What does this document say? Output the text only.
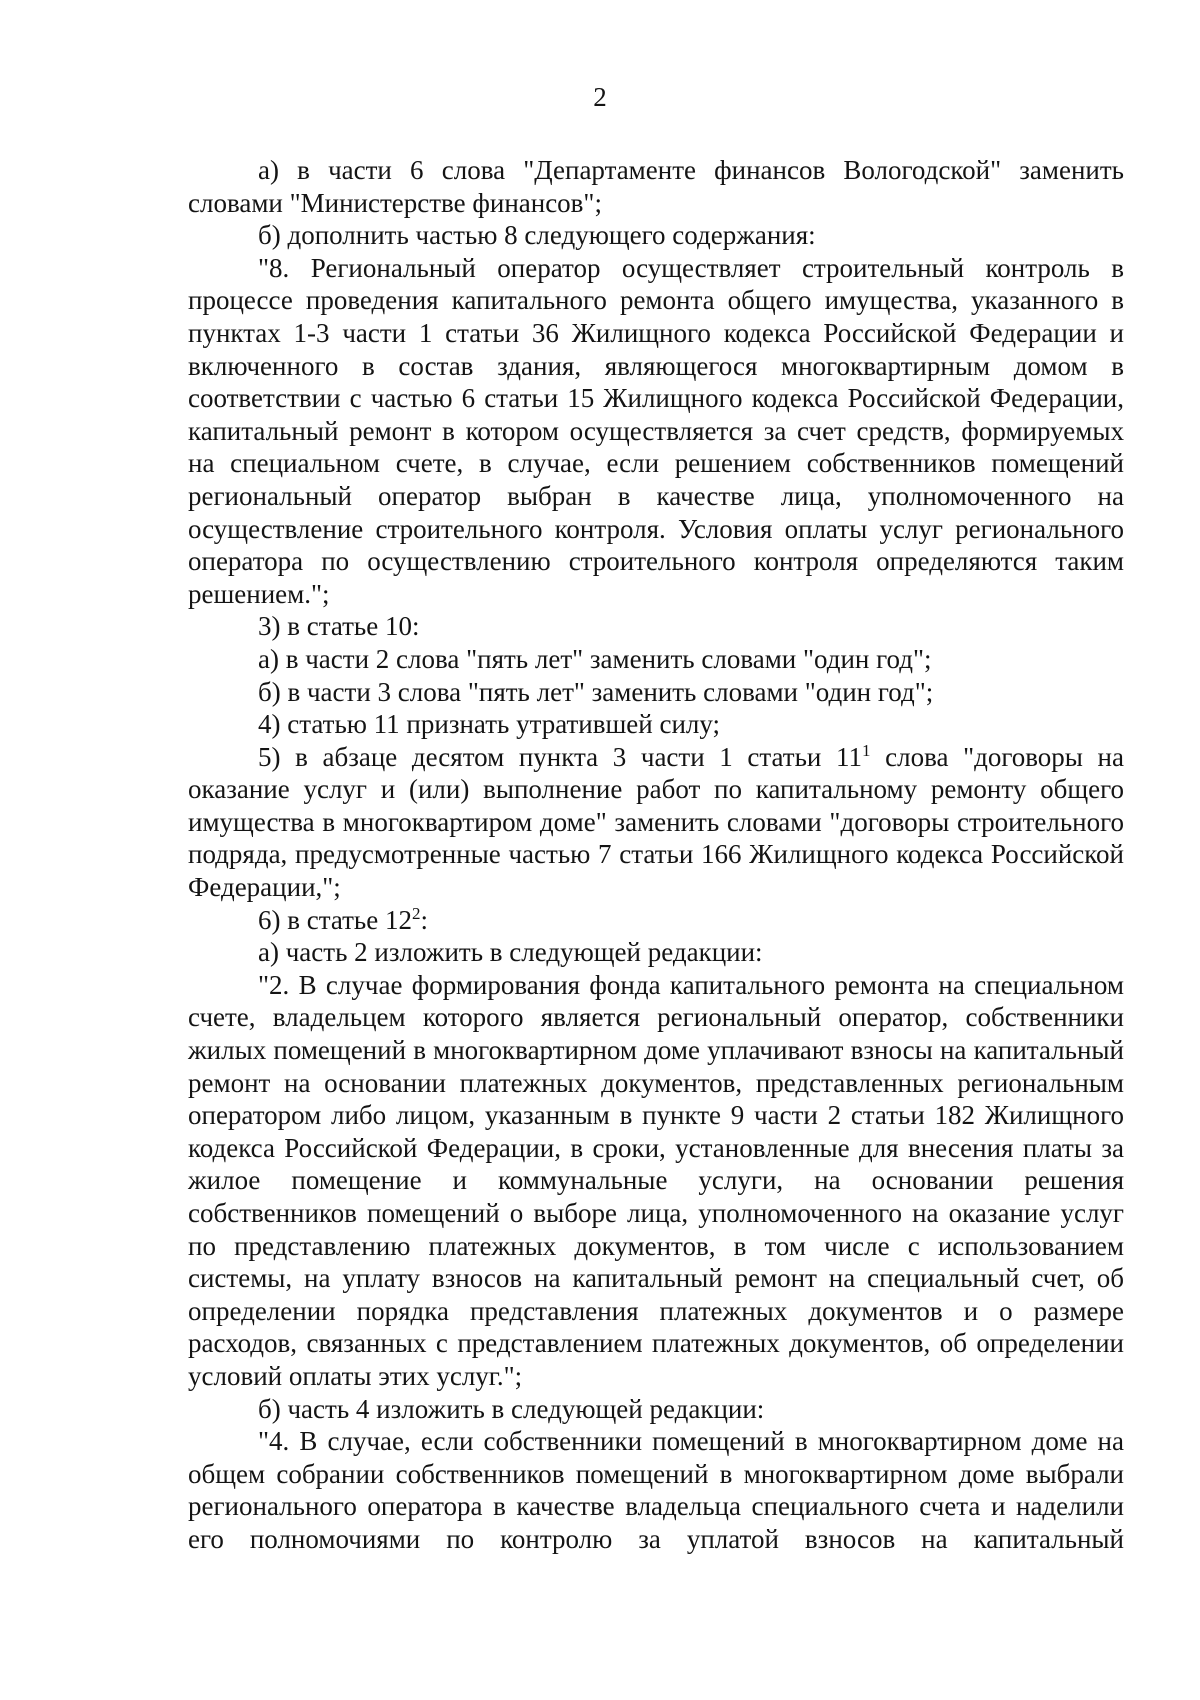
2

а) в части 6 слова "Департаменте финансов Вологодской" заменить словами "Министерстве финансов";

б) дополнить частью 8 следующего содержания:

"8. Региональный оператор осуществляет строительный контроль в процессе проведения капитального ремонта общего имущества, указанного в пунктах 1-3 части 1 статьи 36 Жилищного кодекса Российской Федерации и включенного в состав здания, являющегося многоквартирным домом в соответствии с частью 6 статьи 15 Жилищного кодекса Российской Федерации, капитальный ремонт в котором осуществляется за счет средств, формируемых на специальном счете, в случае, если решением собственников помещений региональный оператор выбран в качестве лица, уполномоченного на осуществление строительного контроля. Условия оплаты услуг регионального оператора по осуществлению строительного контроля определяются таким решением.";

3) в статье 10:

а) в части 2 слова "пять лет" заменить словами "один год";

б) в части 3 слова "пять лет" заменить словами "один год";

4) статью 11 признать утратившей силу;

5) в абзаце десятом пункта 3 части 1 статьи $11^1$ слова "договоры на оказание услуг и (или) выполнение работ по капитальному ремонту общего имущества в многоквартиром доме" заменить словами "договоры строительного подряда, предусмотренные частью 7 статьи 166 Жилищного кодекса Российской Федерации,";

6) в статье $12^2$:

а) часть 2 изложить в следующей редакции:

"2. В случае формирования фонда капитального ремонта на специальном счете, владельцем которого является региональный оператор, собственники жилых помещений в многоквартирном доме уплачивают взносы на капитальный ремонт на основании платежных документов, представленных региональным оператором либо лицом, указанным в пункте 9 части 2 статьи 182 Жилищного кодекса Российской Федерации, в сроки, установленные для внесения платы за жилое помещение и коммунальные услуги, на основании решения собственников помещений о выборе лица, уполномоченного на оказание услуг по представлению платежных документов, в том числе с использованием системы, на уплату взносов на капитальный ремонт на специальный счет, об определении порядка представления платежных документов и о размере расходов, связанных с представлением платежных документов, об определении условий оплаты этих услуг.";

б) часть 4 изложить в следующей редакции:

"4. В случае, если собственники помещений в многоквартирном доме на общем собрании собственников помещений в многоквартирном доме выбрали регионального оператора в качестве владельца специального счета и наделили его полномочиями по контролю за уплатой взносов на капитальный
